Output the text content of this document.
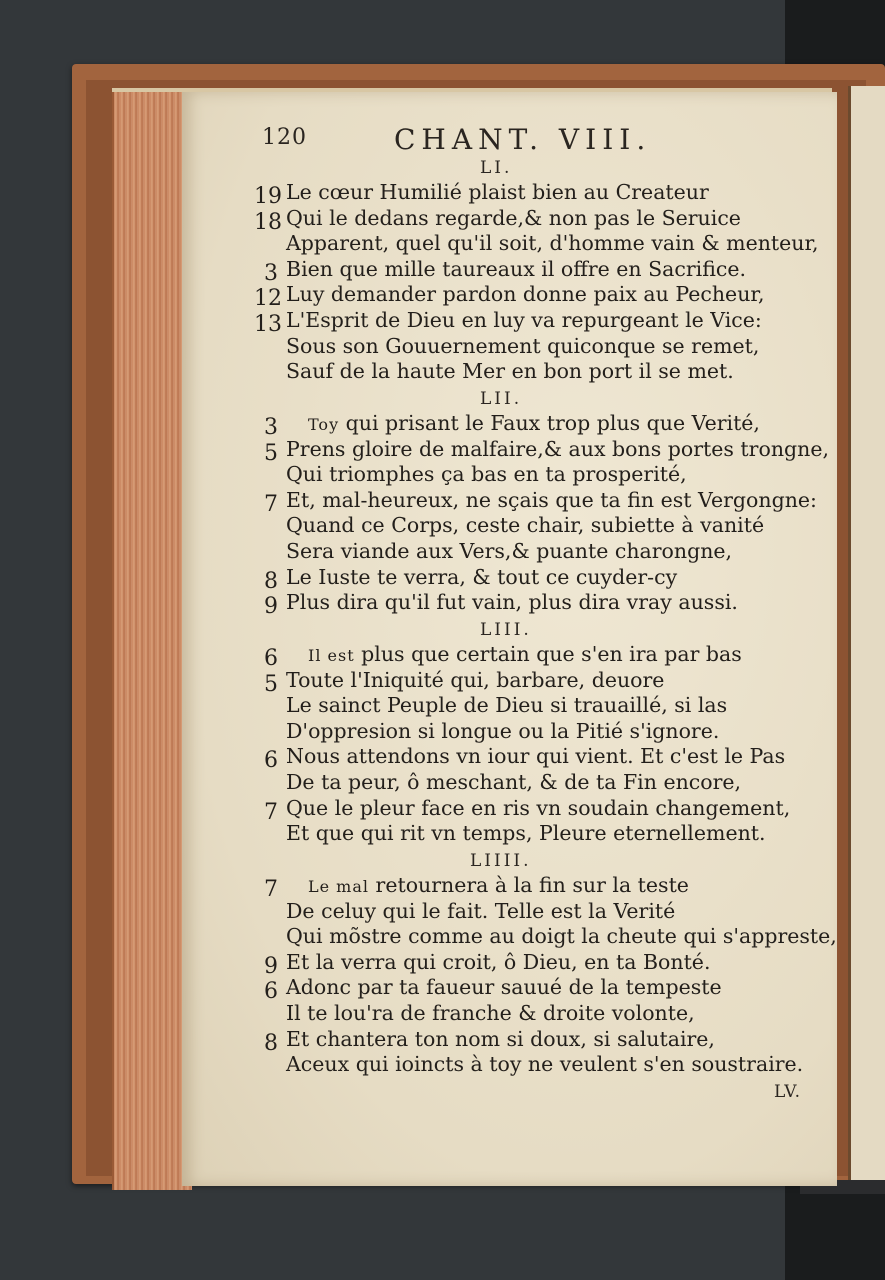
120	CHANT. VIII.
LI.
19 Le cœur Humilié plaist bien au Createur
18 Qui le dedans regarde,& non pas le Seruice
Apparent, quel qu'il soit, d'homme vain & menteur,
3 Bien que mille taureaux il offre en Sacrifice.
12 Luy demander pardon donne paix au Pecheur,
13 L'Esprit de Dieu en luy va repurgeant le Vice:
Sous son Gouuernement quiconque se remet,
Sauf de la haute Mer en bon port il se met.
LII.
3 Toy qui prisant le Faux trop plus que Verité,
5 Prens gloire de malfaire,& aux bons portes trongne,
Qui triomphes ça bas en ta prosperité,
7 Et, mal-heureux, ne sçais que ta fin est Vergongne:
Quand ce Corps, ceste chair, subiette à vanité
Sera viande aux Vers,& puante charongne,
8 Le Iuste te verra, & tout ce cuyder-cy
9 Plus dira qu'il fut vain, plus dira vray aussi.
LIII.
6 Il est plus que certain que s'en ira par bas
5 Toute l'Iniquité qui, barbare, deuore
Le sainct Peuple de Dieu si trauaillé, si las
D'oppresion si longue ou la Pitié s'ignore.
6 Nous attendons vn iour qui vient. Et c'est le Pas
De ta peur, ô meschant, & de ta Fin encore,
7 Que le pleur face en ris vn soudain changement,
Et que qui rit vn temps, Pleure eternellement.
LIIII.
7 Le mal retournera à la fin sur la teste
De celuy qui le fait. Telle est la Verité
Qui mõstre comme au doigt la cheute qui s'appreste,
9 Et la verra qui croit, ô Dieu, en ta Bonté.
6 Adonc par ta faueur sauué de la tempeste
Il te lou'ra de franche & droite volonte,
8 Et chantera ton nom si doux, si salutaire,
Aceux qui ioincts à toy ne veulent s'en soustraire.
LV.
